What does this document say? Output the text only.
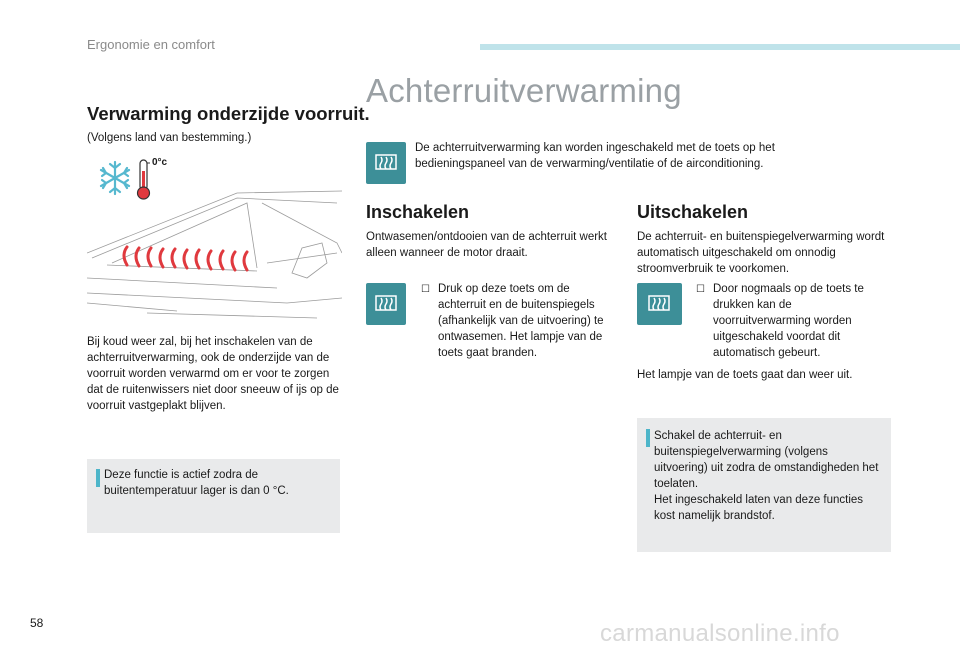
Ergonomie en comfort
Verwarming onderzijde voorruit.
(Volgens land van bestemming.)
0°c
Bij koud weer zal, bij het inschakelen van de achterruitverwarming, ook de onderzijde van de voorruit worden verwarmd om er voor te zorgen dat de ruitenwissers niet door sneeuw of ijs op de voorruit vastgeplakt blijven.
Deze functie is actief zodra de buitentemperatuur lager is dan 0 °C.
Achterruitverwarming
De achterruitverwarming kan worden ingeschakeld met de toets op het bedieningspaneel van de verwarming/ventilatie of de airconditioning.
Inschakelen
Ontwasemen/ontdooien van de achterruit werkt alleen wanneer de motor draait.
☐ Druk op deze toets om de achterruit en de buitenspiegels (afhankelijk van de uitvoering) te ontwasemen. Het lampje van de toets gaat branden.
Uitschakelen
De achterruit- en buitenspiegelverwarming wordt automatisch uitgeschakeld om onnodig stroomverbruik te voorkomen.
☐ Door nogmaals op de toets te drukken kan de voorruitverwarming worden uitgeschakeld voordat dit automatisch gebeurt.
Het lampje van de toets gaat dan weer uit.
Schakel de achterruit- en buitenspiegelverwarming (volgens uitvoering) uit zodra de omstandigheden het toelaten.
Het ingeschakeld laten van deze functies kost namelijk brandstof.
58	carmanualsonline.info
